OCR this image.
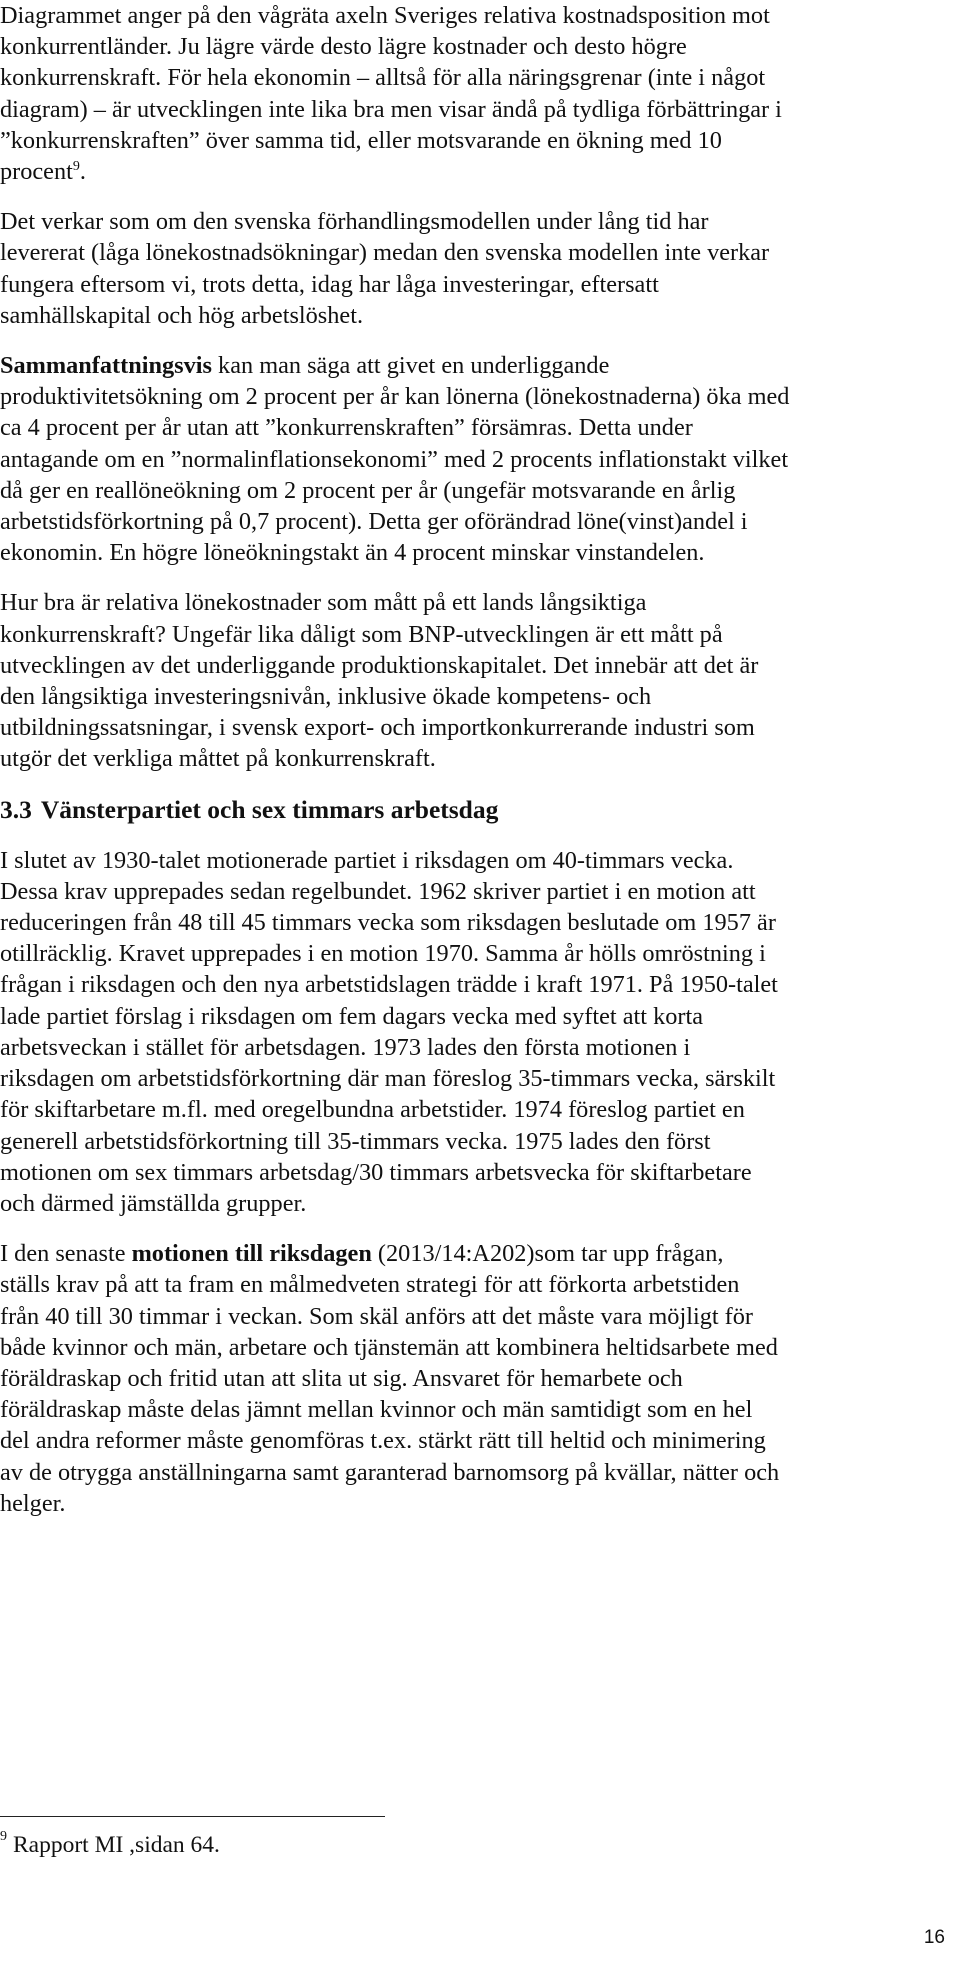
Diagrammet anger på den vågräta axeln Sveriges relativa kostnadsposition mot
konkurrentländer. Ju lägre värde desto lägre kostnader och desto högre
konkurrenskraft. För hela ekonomin – alltså för alla näringsgrenar (inte i något
diagram) – är utvecklingen inte lika bra men visar ändå på tydliga förbättringar i
”konkurrenskraften” över samma tid, eller motsvarande en ökning med 10
procent$^9$.

Det verkar som om den svenska förhandlingsmodellen under lång tid har
levererat (låga lönekostnadsökningar) medan den svenska modellen inte verkar
fungera eftersom vi, trots detta, idag har låga investeringar, eftersatt
samhällskapital och hög arbetslöshet.

Sammanfattningsvis kan man säga att givet en underliggande
produktivitetsökning om 2 procent per år kan lönerna (lönekostnaderna) öka med
ca 4 procent per år utan att ”konkurrenskraften” försämras. Detta under
antagande om en ”normalinflationsekonomi” med 2 procents inflationstakt vilket
då ger en reallöneökning om 2 procent per år (ungefär motsvarande en årlig
arbetstidsförkortning på 0,7 procent). Detta ger oförändrad löne(vinst)andel i
ekonomin. En högre löneökningstakt än 4 procent minskar vinstandelen.

Hur bra är relativa lönekostnader som mått på ett lands långsiktiga
konkurrenskraft? Ungefär lika dåligt som BNP-utvecklingen är ett mått på
utvecklingen av det underliggande produktionskapitalet. Det innebär att det är
den långsiktiga investeringsnivån, inklusive ökade kompetens- och
utbildningssatsningar, i svensk export- och importkonkurrerande industri som
utgör det verkliga måttet på konkurrenskraft.

3.3 Vänsterpartiet och sex timmars arbetsdag

I slutet av 1930-talet motionerade partiet i riksdagen om 40-timmars vecka.
Dessa krav upprepades sedan regelbundet. 1962 skriver partiet i en motion att
reduceringen från 48 till 45 timmars vecka som riksdagen beslutade om 1957 är
otillräcklig. Kravet upprepades i en motion 1970. Samma år hölls omröstning i
frågan i riksdagen och den nya arbetstidslagen trädde i kraft 1971. På 1950-talet
lade partiet förslag i riksdagen om fem dagars vecka med syftet att korta
arbetsveckan i stället för arbetsdagen. 1973 lades den första motionen i
riksdagen om arbetstidsförkortning där man föreslog 35-timmars vecka, särskilt
för skiftarbetare m.fl. med oregelbundna arbetstider. 1974 föreslog partiet en
generell arbetstidsförkortning till 35-timmars vecka. 1975 lades den först
motionen om sex timmars arbetsdag/30 timmars arbetsvecka för skiftarbetare
och därmed jämställda grupper.

I den senaste motionen till riksdagen (2013/14:A202)som tar upp frågan,
ställs krav på att ta fram en målmedveten strategi för att förkorta arbetstiden
från 40 till 30 timmar i veckan. Som skäl anförs att det måste vara möjligt för
både kvinnor och män, arbetare och tjänstemän att kombinera heltidsarbete med
föräldraskap och fritid utan att slita ut sig. Ansvaret för hemarbete och
föräldraskap måste delas jämnt mellan kvinnor och män samtidigt som en hel
del andra reformer måste genomföras t.ex. stärkt rätt till heltid och minimering
av de otrygga anställningarna samt garanterad barnomsorg på kvällar, nätter och
helger.

$^9$ Rapport MI ,sidan 64.
16
